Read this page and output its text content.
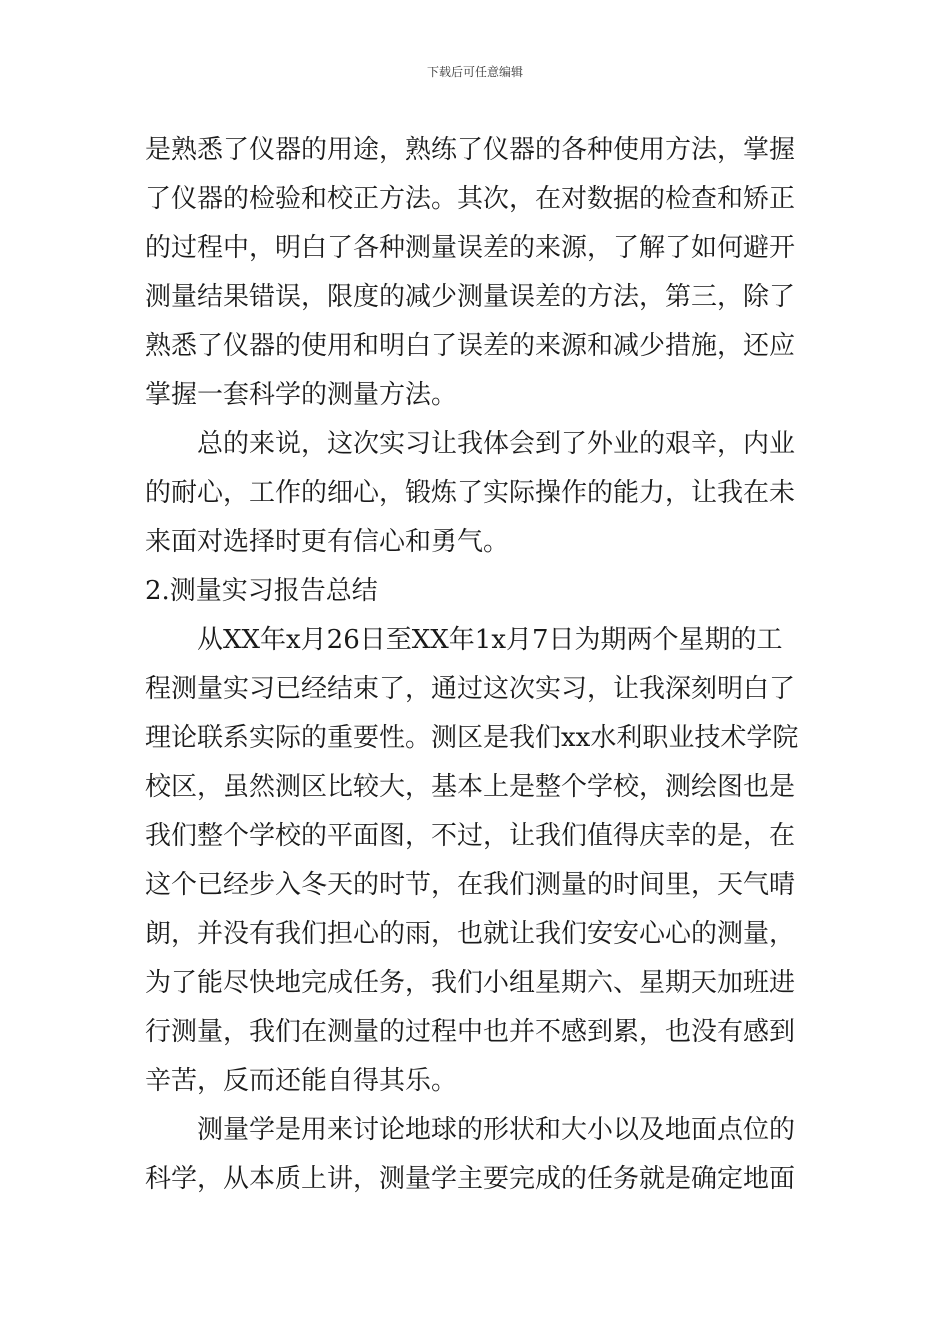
下载后可任意编辑
是熟悉了仪器的用途，熟练了仪器的各种使用方法，掌握
了仪器的检验和校正方法。其次，在对数据的检查和矫正
的过程中，明白了各种测量误差的来源，了解了如何避开
测量结果错误，限度的减少测量误差的方法，第三，除了
熟悉了仪器的使用和明白了误差的来源和减少措施，还应
掌握一套科学的测量方法。
　　总的来说，这次实习让我体会到了外业的艰辛，内业
的耐心，工作的细心，锻炼了实际操作的能力，让我在未
来面对选择时更有信心和勇气。
2.测量实习报告总结
　　从XX年x月26日至XX年1x月7日为期两个星期的工
程测量实习已经结束了，通过这次实习，让我深刻明白了
理论联系实际的重要性。测区是我们xx水利职业技术学院
校区，虽然测区比较大，基本上是整个学校，测绘图也是
我们整个学校的平面图，不过，让我们值得庆幸的是，在
这个已经步入冬天的时节，在我们测量的时间里，天气晴
朗，并没有我们担心的雨，也就让我们安安心心的测量，
为了能尽快地完成任务，我们小组星期六、星期天加班进
行测量，我们在测量的过程中也并不感到累，也没有感到
辛苦，反而还能自得其乐。
　　测量学是用来讨论地球的形状和大小以及地面点位的
科学，从本质上讲，测量学主要完成的任务就是确定地面
